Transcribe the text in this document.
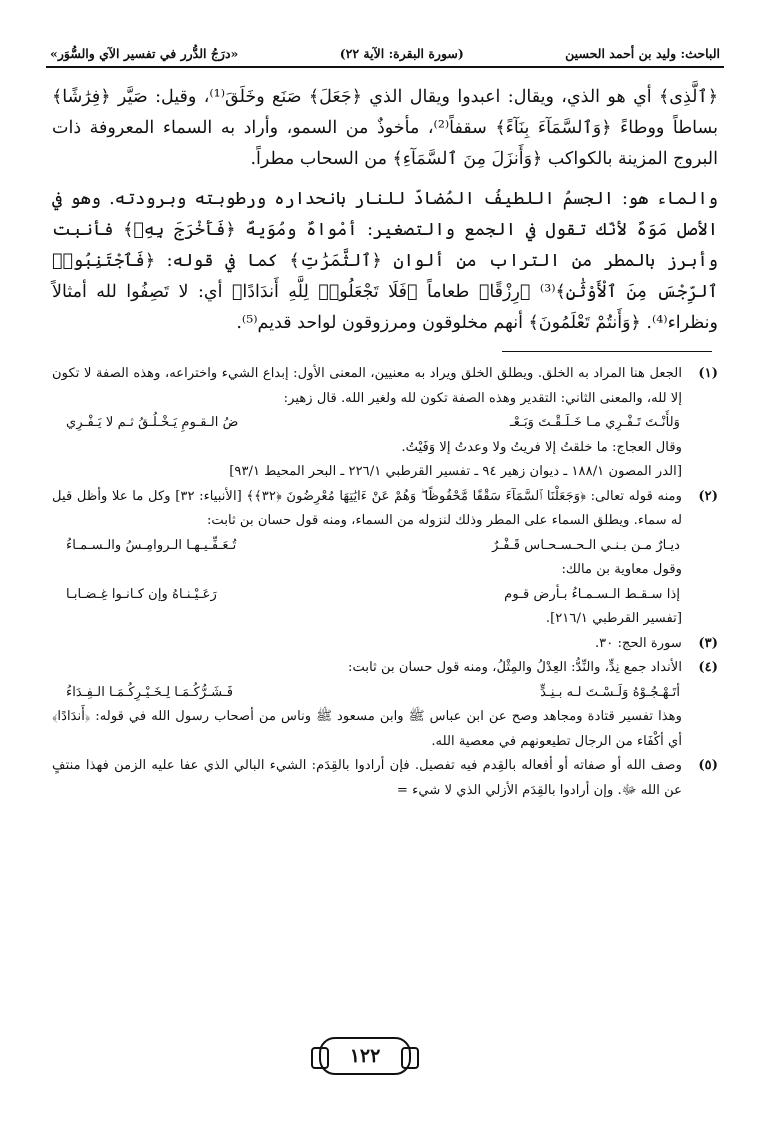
الباحث: وليد بن أحمد الحسين
(سورة البقرة: الآية ٢٢)
«درَجُ الدُّرر في تفسير الآي والسُّوَر»

﴿ٱلَّذِى﴾ أي هو الذي، ويقال: اعبدوا ويقال الذي ﴿جَعَلَ﴾ صَنَع وخَلَقَ⁽¹⁾، وقيل: صَيَّر ﴿فِرَٰشًا﴾ بساطاً ووطاءً ﴿وَٱلسَّمَآءَ بِنَآءً﴾ سقفاً⁽²⁾، مأخوذٌ من السمو، وأراد به السماء المعروفة ذات البروج المزينة بالكواكب ﴿وَأَنزَلَ مِنَ ٱلسَّمَآءِ﴾ من السحاب مطراً.

والماء هو: الجسمُ اللطيفُ المُضادّ للنار بانحداره ورطوبته وبرودته. وهو في الأصل مَوَهٌ لأنّك تقول في الجمع والتصغير: أمْواهٌ ومُوَيهٌ ﴿فَأَخْرَجَ بِهِۦ﴾ فأنبت وأبرز بالمطر من التراب من ألوان ﴿ٱلثَّمَرَٰتِ﴾ كما في قوله: ﴿فَٱجْتَنِبُوا۟ ٱلرِّجْسَ مِنَ ٱلْأَوْثَٰنِ﴾⁽³⁾ ﴿رِزْقًا﴾ طعاماً ﴿فَلَا تَجْعَلُوا۟ لِلَّهِ أَندَادًا﴾ أي: لا تَصِفُوا لله أمثالاً ونظراء⁽⁴⁾. ﴿وَأَنتُمْ تَعْلَمُونَ﴾ أنهم مخلوقون ومرزوقون لواحد قديم⁽⁵⁾.

(١)

الجعل هنا المراد به الخلق. ويطلق الخلق ويراد به معنيين، المعنى الأول: إبداع الشيء واختراعه، وهذه الصفة لا تكون إلا لله، والمعنى الثاني: التقدير وهذه الصفة تكون لله ولغير الله. قال زهير:

وَلأَنْـتَ تَـفْـرِي مـا خَـلَـقْـتَ وَبَـعْـ
ضُ الـقـومِ يَـخْـلُـقُ ثـم لا يَـفْـرِي

وقال العجاج: ما خلقتُ إلا فريتُ ولا وعدتُ إلا وَفَيْتُ.

[الدر المصون ١٨٨/١ ـ ديوان زهير ٩٤ ـ تفسير القرطبي ٢٢٦/١ ـ البحر المحيط ٩٣/١]

(٢)

ومنه قوله تعالى: ﴿وَجَعَلْنَا ٱلسَّمَآءَ سَقْفًا مَّحْفُوظًا ۖ وَهُمْ عَنْ ءَايَٰتِهَا مُعْرِضُونَ ﴿٣٢﴾﴾ [الأنبياء: ٣٢] وكل ما علا وأظل قيل له سماء. ويطلق السماء على المطر وذلك لنزوله من السماء، ومنه قول حسان بن ثابت:

ديـارٌ مـن بـنـي الـحـسـحـاس قَـفْـرٌ
تُـعَـفِّـيـهـا الـروامِـسُ والـسـمـاءُ

وقول معاوية بن مالك:

إذا سـقـط الـسـمـاءُ بـأرض قـوم
رَعَـيْـنـاهُ وإن كـانـوا غِـضـابـا

[تفسير القرطبي ٢١٦/١].

(٣)

سورة الحج: ٣٠.

(٤)

الأنداد جمع نِدٍّ، والنِّدُّ: العِدْلُ والمِثْلُ، ومنه قول حسان بن ثابت:

أتَـهْـجُـوْهُ وَلَـسْـتَ لـه بـنِـدٍّ
فَـشَـرُّكُـمَـا لِـخَـيْـرِكُـمَـا الـفِـدَاءُ

وهذا تفسير قتادة ومجاهد وصح عن ابن عباس ﷺ وابن مسعود ﷺ وناس من أصحاب رسول الله في قوله: ﴿أَندَادًا﴾ أي أكْفَاء من الرجال تطيعونهم في معصية الله.

(٥)

وصف الله أو صفاته أو أفعاله بالقِدم فيه تفصيل. فإن أرادوا بالقِدَم: الشيء البالي الذي عفا عليه الزمن فهذا منتفٍ عن الله ﷻ. وإن أرادوا بالقِدَم الأزلي الذي لا شيء =

١٢٢
